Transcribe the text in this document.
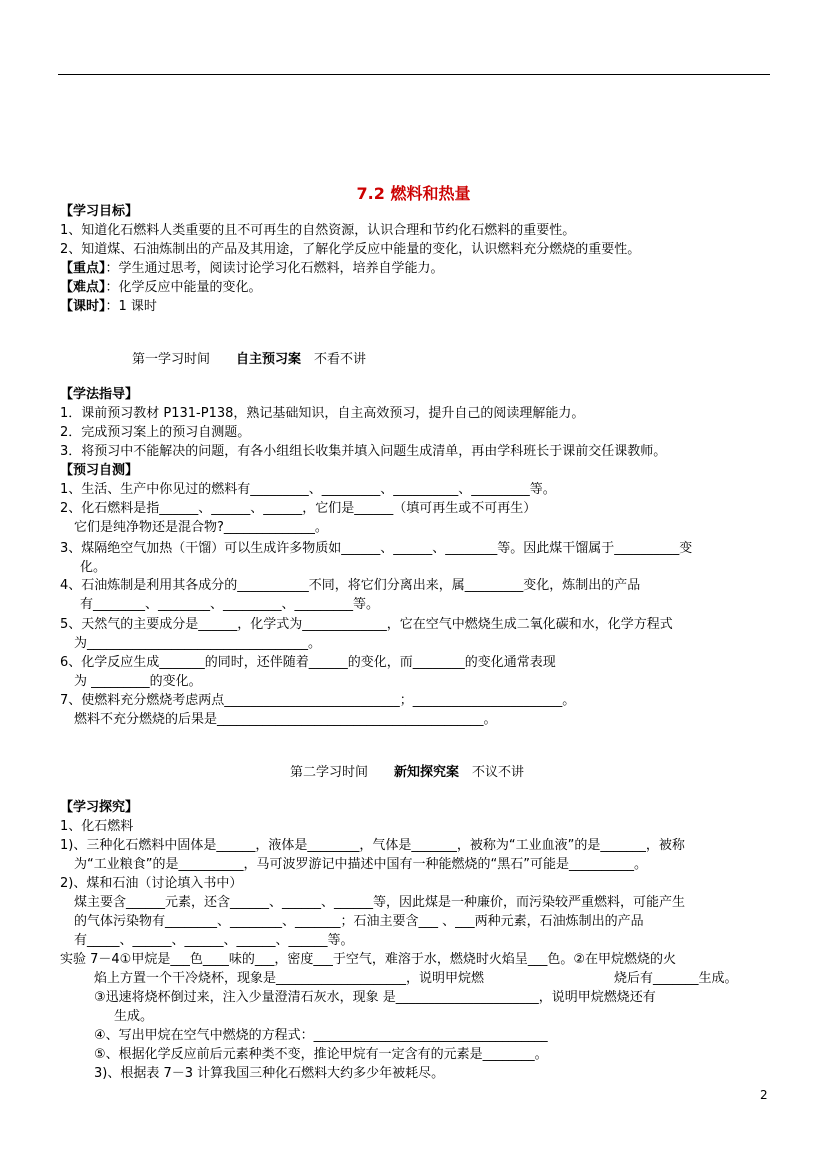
7.2 燃料和热量
【学习目标】
1、知道化石燃料人类重要的且不可再生的自然资源，认识合理和节约化石燃料的重要性。
2、知道煤、石油炼制出的产品及其用途，了解化学反应中能量的变化，认识燃料充分燃烧的重要性。
【重点】：学生通过思考，阅读讨论学习化石燃料，培养自学能力。
【难点】：化学反应中能量的变化。
【课时】：1 课时
第一学习时间　　自主预习案　不看不讲
【学法指导】
1．课前预习教材 P131-P138，熟记基础知识，自主高效预习，提升自己的阅读理解能力。
2．完成预习案上的预习自测题。
3．将预习中不能解决的问题，有各小组组长收集并填入问题生成清单，再由学科班长于课前交任课教师。
【预习自测】
1、生活、生产中你见过的燃料有_________、_________、__________、_________等。
2、化石燃料是指______、______、______，它们是______（填可再生或不可再生）
它们是纯净物还是混合物?______________。
3、煤隔绝空气加热（干馏）可以生成许多物质如______、______、________等。因此煤干馏属于__________变
化。
4、石油炼制是利用其各成分的___________不同，将它们分离出来，属_________变化，炼制出的产品
有________、________、_________、_________等。
5、天然气的主要成分是______，化学式为_____________，它在空气中燃烧生成二氧化碳和水，化学方程式
为__________________________________。
6、化学反应生成_______的同时，还伴随着______的变化，而________的变化通常表现
为 _________的变化。
7、使燃料充分燃烧考虑两点___________________________；_______________________。
燃料不充分燃烧的后果是_________________________________________。
第二学习时间　　新知探究案　不议不讲
【学习探究】
1、化石燃料
1)、三种化石燃料中固体是______，液体是________，气体是_______，被称为“工业血液”的是_______，被称
为“工业粮食”的是__________，马可波罗游记中描述中国有一种能燃烧的“黑石”可能是__________。
2)、煤和石油（讨论填入书中）
煤主要含______元素，还含______、______、______等，因此煤是一种廉价，而污染较严重燃料，可能产生
的气体污染物有________、________、_______；石油主要含___ 、___两种元素，石油炼制出的产品
有_____、______、______、______、______等。
实验 7－4①甲烷是___色____味的___，密度___于空气，难溶于水，燃烧时火焰呈___色。②在甲烷燃烧的火
焰上方置一个干冷烧杯，现象是____________________，说明甲烷燃　　　　　　　　　　烧后有_______生成。
③迅速将烧杯倒过来，注入少量澄清石灰水，现象 是______________________，说明甲烷燃烧还有
生成。
④、写出甲烷在空气中燃烧的方程式：____________________________________
⑤、根据化学反应前后元素种类不变，推论甲烷有一定含有的元素是________。
3)、根据表 7－3 计算我国三种化石燃料大约多少年被耗尽。
2
